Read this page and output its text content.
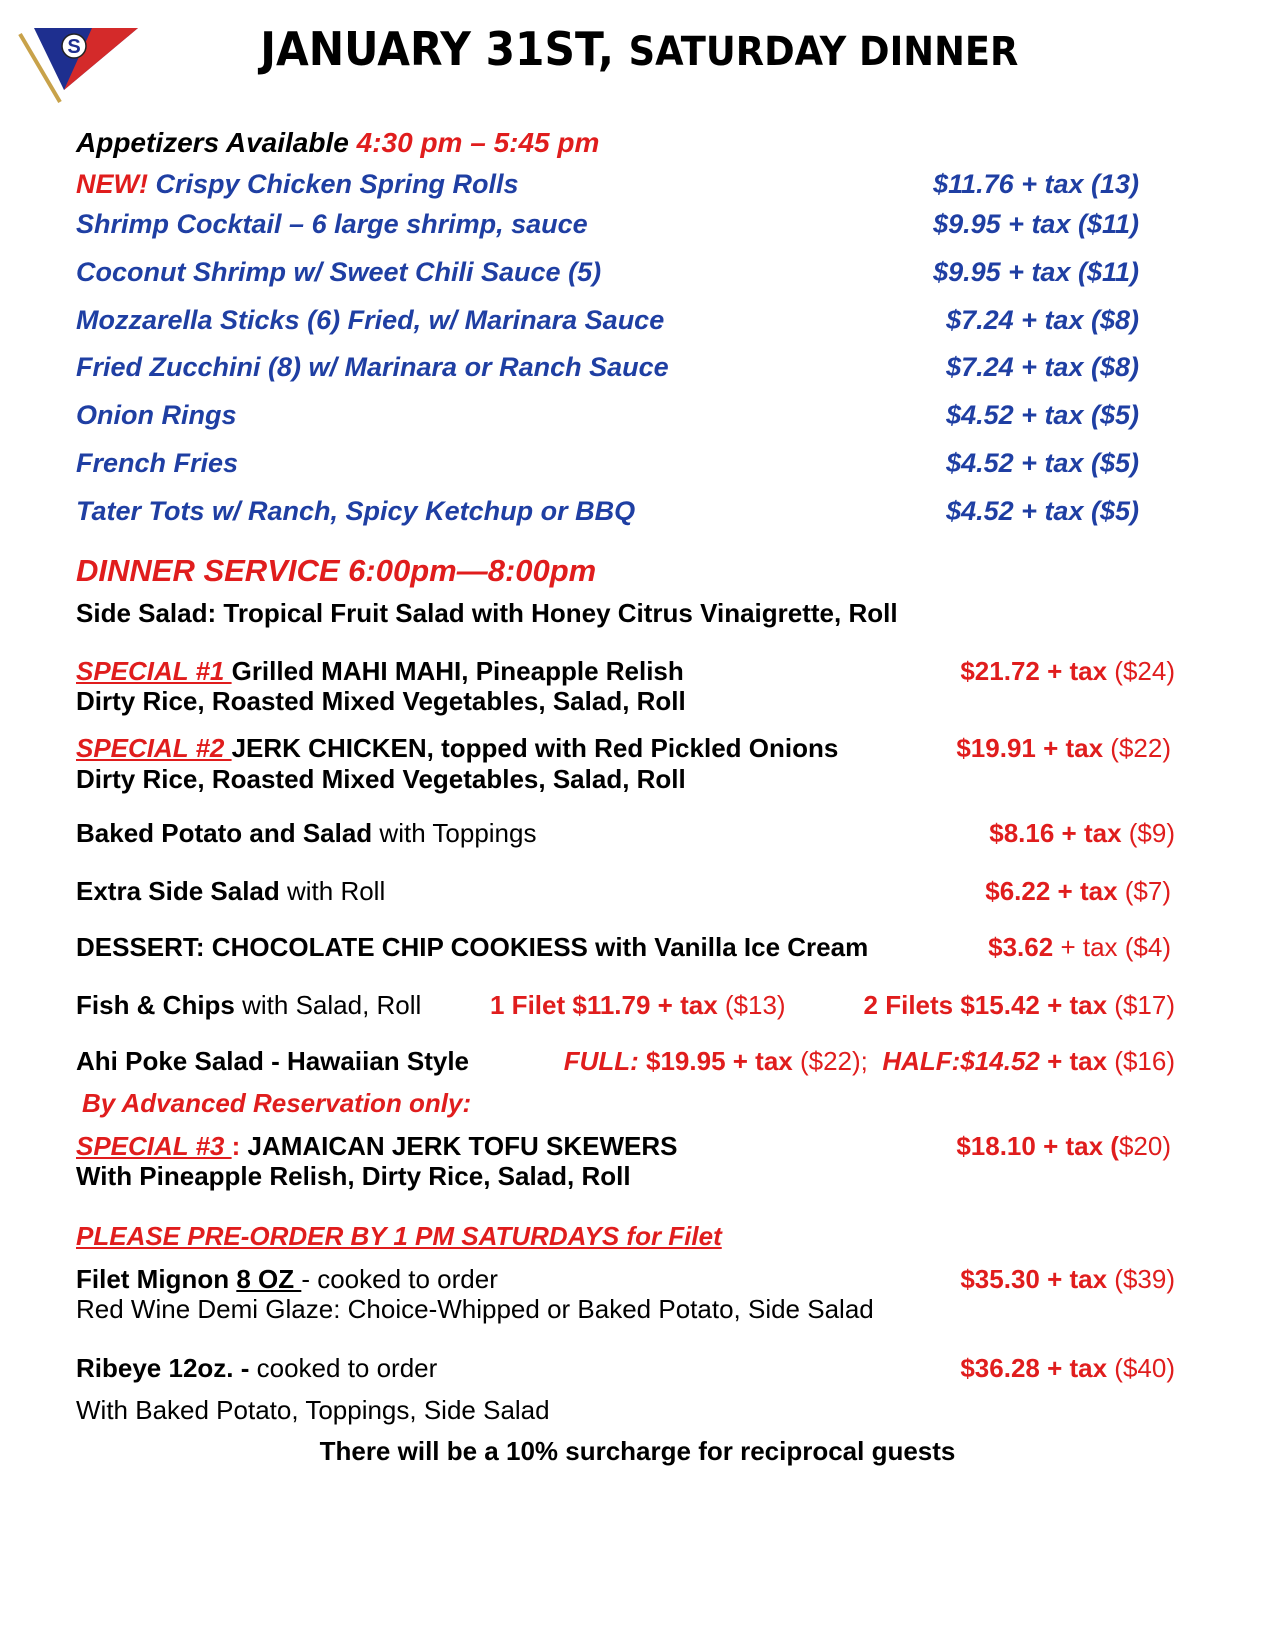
S	JANUARY 31ST, SATURDAY DINNER
Appetizers Available 4:30 pm – 5:45 pm
NEW! Crispy Chicken Spring Rolls	$11.76 + tax (13)
Shrimp Cocktail – 6 large shrimp, sauce	$9.95 + tax ($11)
Coconut Shrimp w/ Sweet Chili Sauce (5)	$9.95 + tax ($11)
Mozzarella Sticks (6) Fried, w/ Marinara Sauce	$7.24 + tax ($8)
Fried Zucchini (8) w/ Marinara or Ranch Sauce	$7.24 + tax ($8)
Onion Rings	$4.52 + tax ($5)
French Fries	$4.52 + tax ($5)
Tater Tots w/ Ranch, Spicy Ketchup or BBQ	$4.52 + tax ($5)
DINNER SERVICE 6:00pm—8:00pm
Side Salad: Tropical Fruit Salad with Honey Citrus Vinaigrette, Roll
SPECIAL #1 Grilled MAHI MAHI, Pineapple Relish
Dirty Rice, Roasted Mixed Vegetables, Salad, Roll
$21.72 + tax ($24)
SPECIAL #2 JERK CHICKEN, topped with Red Pickled Onions
Dirty Rice, Roasted Mixed Vegetables, Salad, Roll
$19.91 + tax ($22)
Baked Potato and Salad with Toppings	$8.16 + tax ($9)
Extra Side Salad with Roll	$6.22 + tax ($7)
DESSERT: CHOCOLATE CHIP COOKIESS with Vanilla Ice Cream	$3.62 + tax ($4)
Fish & Chips with Salad, Roll	1 Filet $11.79 + tax ($13)	2 Filets $15.42 + tax ($17)
Ahi Poke Salad - Hawaiian Style	FULL: $19.95 + tax ($22); HALF:$14.52 + tax ($16)
By Advanced Reservation only:
SPECIAL #3 : JAMAICAN JERK TOFU SKEWERS
With Pineapple Relish, Dirty Rice, Salad, Roll
$18.10 + tax ($20)
PLEASE PRE-ORDER BY 1 PM SATURDAYS for Filet
Filet Mignon 8 OZ - cooked to order
Red Wine Demi Glaze: Choice-Whipped or Baked Potato, Side Salad
$35.30 + tax ($39)
Ribeye 12oz. - cooked to order
With Baked Potato, Toppings, Side Salad
$36.28 + tax ($40)
There will be a 10% surcharge for reciprocal guests
